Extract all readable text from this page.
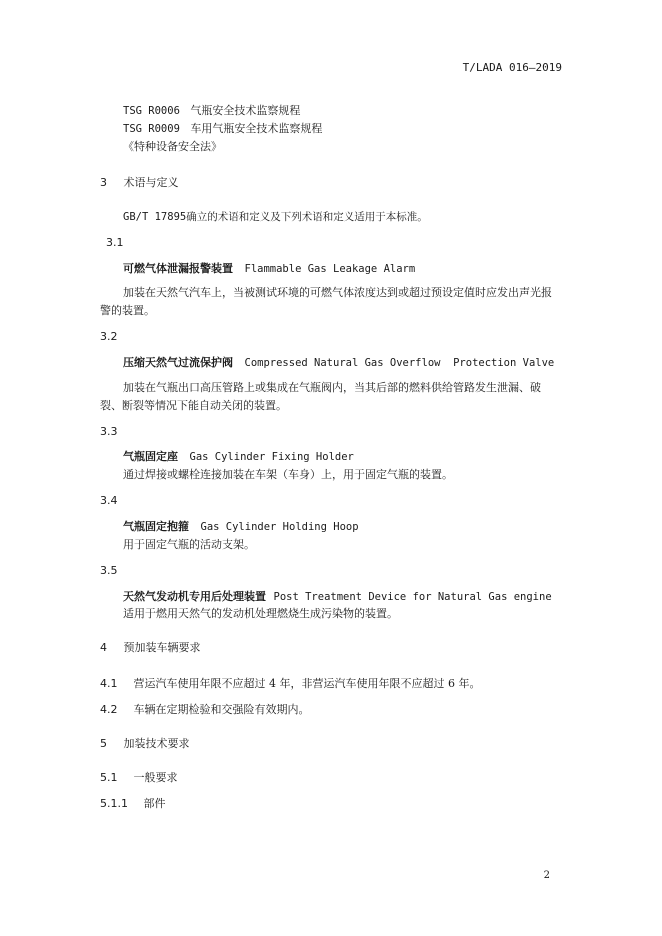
T/LADA 016—2019
TSG R0006 气瓶安全技术监察规程
TSG R0009 车用气瓶安全技术监察规程
《特种设备安全法》
3 术语与定义
GB/T 17895确立的术语和定义及下列术语和定义适用于本标准。
3.1
可燃气体泄漏报警装置 Flammable Gas Leakage Alarm
加装在天然气汽车上，当被测试环境的可燃气体浓度达到或超过预设定值时应发出声光报警的装置。
3.2
压缩天然气过流保护阀 Compressed Natural Gas Overflow  Protection Valve
加装在气瓶出口高压管路上或集成在气瓶阀内，当其后部的燃料供给管路发生泄漏、破裂、断裂等情况下能自动关闭的装置。
3.3
气瓶固定座 Gas Cylinder Fixing Holder
通过焊接或螺栓连接加装在车架（车身）上，用于固定气瓶的装置。
3.4
气瓶固定抱箍 Gas Cylinder Holding Hoop
用于固定气瓶的活动支架。
3.5
天然气发动机专用后处理装置 Post Treatment Device for Natural Gas engine
适用于燃用天然气的发动机处理燃烧生成污染物的装置。
4 预加装车辆要求
4.1 营运汽车使用年限不应超过 4 年，非营运汽车使用年限不应超过 6 年。
4.2 车辆在定期检验和交强险有效期内。
5 加装技术要求
5.1 一般要求
5.1.1 部件
2
